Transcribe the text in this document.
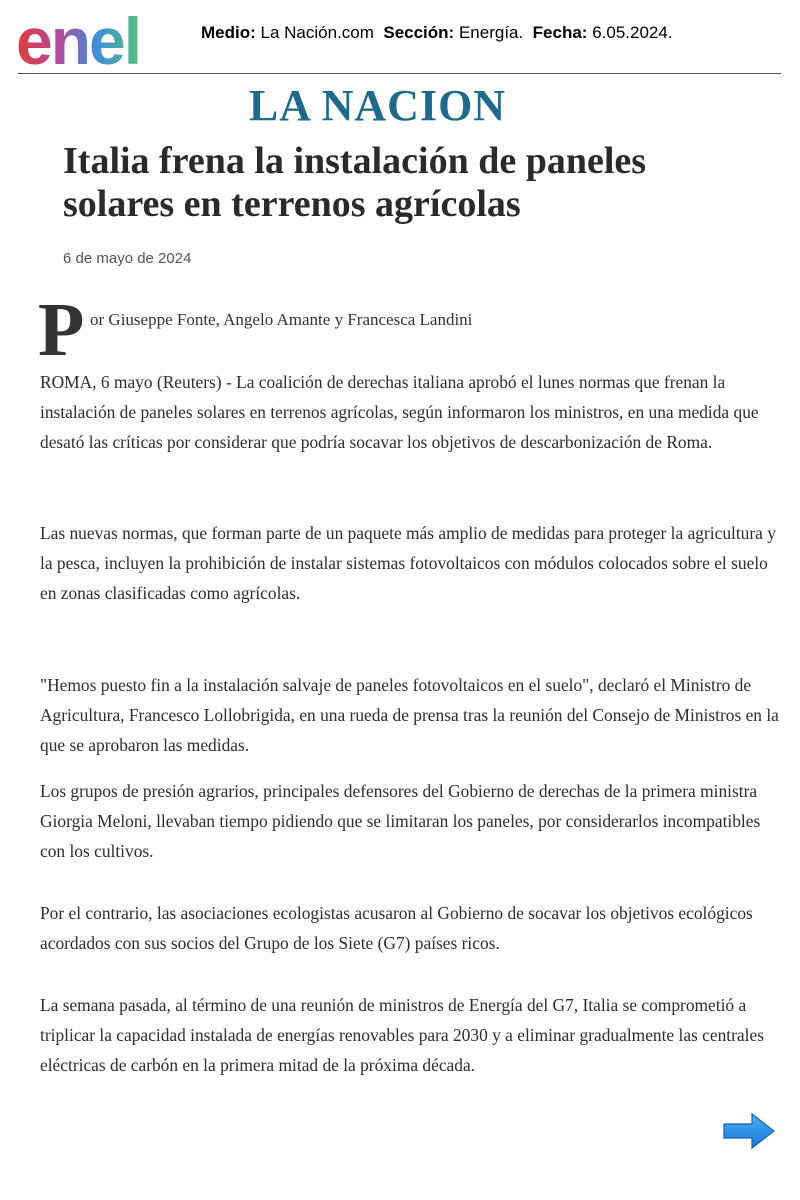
enel	Medio: La Nación.com Sección: Energía. Fecha: 6.05.2024.
LA NACION
Italia frena la instalación de paneles solares en terrenos agrícolas
6 de mayo de 2024
P or Giuseppe Fonte, Angelo Amante y Francesca Landini

ROMA, 6 mayo (Reuters) - La coalición de derechas italiana aprobó el lunes normas que frenan la instalación de paneles solares en terrenos agrícolas, según informaron los ministros, en una medida que desató las críticas por considerar que podría socavar los objetivos de descarbonización de Roma.

Las nuevas normas, que forman parte de un paquete más amplio de medidas para proteger la agricultura y la pesca, incluyen la prohibición de instalar sistemas fotovoltaicos con módulos colocados sobre el suelo en zonas clasificadas como agrícolas.

"Hemos puesto fin a la instalación salvaje de paneles fotovoltaicos en el suelo", declaró el Ministro de Agricultura, Francesco Lollobrigida, en una rueda de prensa tras la reunión del Consejo de Ministros en la que se aprobaron las medidas.

Los grupos de presión agrarios, principales defensores del Gobierno de derechas de la primera ministra Giorgia Meloni, llevaban tiempo pidiendo que se limitaran los paneles, por considerarlos incompatibles con los cultivos.

Por el contrario, las asociaciones ecologistas acusaron al Gobierno de socavar los objetivos ecológicos acordados con sus socios del Grupo de los Siete (G7) países ricos.

La semana pasada, al término de una reunión de ministros de Energía del G7, Italia se comprometió a triplicar la capacidad instalada de energías renovables para 2030 y a eliminar gradualmente las centrales eléctricas de carbón en la primera mitad de la próxima década.
